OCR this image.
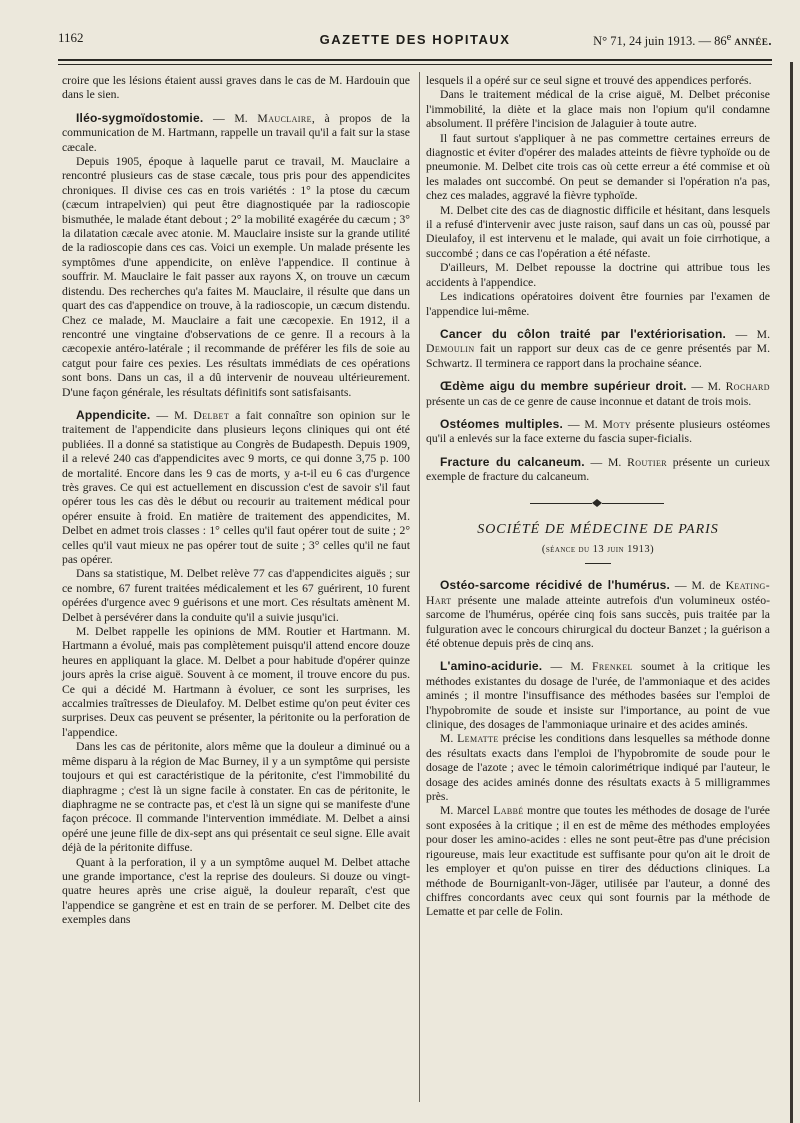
1162	GAZETTE DES HOPITAUX	N° 71, 24 juin 1913. — 86e année.

croire que les lésions étaient aussi graves dans le cas de M. Hardouin que dans le sien.

Iléo-sygmoïdostomie. — M. Mauclaire, à propos de la communication de M. Hartmann, rappelle un travail qu'il a fait sur la stase cæcale.

Depuis 1905, époque à laquelle parut ce travail, M. Mauclaire a rencontré plusieurs cas de stase cæcale, tous pris pour des appendicites chroniques. Il divise ces cas en trois variétés : 1° la ptose du cæcum (cæcum intrapelvien) qui peut être diagnostiquée par la radioscopie bismuthée, le malade étant debout ; 2° la mobilité exagérée du cæcum ; 3° la dilatation cæcale avec atonie. M. Mauclaire insiste sur la grande utilité de la radioscopie dans ces cas. Voici un exemple. Un malade présente les symptômes d'une appendicite, on enlève l'appendice. Il continue à souffrir. M. Mauclaire le fait passer aux rayons X, on trouve un cæcum distendu. Des recherches qu'a faites M. Mauclaire, il résulte que dans un quart des cas d'appendice on trouve, à la radioscopie, un cæcum distendu. Chez ce malade, M. Mauclaire a fait une cæcopexie. En 1912, il a rencontré une vingtaine d'observations de ce genre. Il a recours à la cæcopexie antéro-latérale ; il recommande de préférer les fils de soie au catgut pour faire ces pexies. Les résultats immédiats de ces opérations sont bons. Dans un cas, il a dû intervenir de nouveau ultérieurement. D'une façon générale, les résultats définitifs sont satisfaisants.

Appendicite. — M. Delbet a fait connaître son opinion sur le traitement de l'appendicite dans plusieurs leçons cliniques qui ont été publiées. Il a donné sa statistique au Congrès de Budapesth. Depuis 1909, il a relevé 240 cas d'appendicites avec 9 morts, ce qui donne 3,75 p. 100 de mortalité. Encore dans les 9 cas de morts, y a-t-il eu 6 cas d'urgence très graves. Ce qui est actuellement en discussion c'est de savoir s'il faut opérer tous les cas dès le début ou recourir au traitement médical pour opérer ensuite à froid. En matière de traitement des appendicites, M. Delbet en admet trois classes : 1° celles qu'il faut opérer tout de suite ; 2° celles qu'il vaut mieux ne pas opérer tout de suite ; 3° celles qu'il ne faut pas opérer.

Dans sa statistique, M. Delbet relève 77 cas d'appendicites aiguës ; sur ce nombre, 67 furent traitées médicalement et les 67 guérirent, 10 furent opérées d'urgence avec 9 guérisons et une mort. Ces résultats amènent M. Delbet à persévérer dans la conduite qu'il a suivie jusqu'ici.

M. Delbet rappelle les opinions de MM. Routier et Hartmann. M. Hartmann a évolué, mais pas complètement puisqu'il attend encore douze heures en appliquant la glace. M. Delbet a pour habitude d'opérer quinze jours après la crise aiguë. Souvent à ce moment, il trouve encore du pus. Ce qui a décidé M. Hartmann à évoluer, ce sont les surprises, les accalmies traîtresses de Dieulafoy. M. Delbet estime qu'on peut éviter ces surprises. Deux cas peuvent se présenter, la péritonite ou la perforation de l'appendice.

Dans les cas de péritonite, alors même que la douleur a diminué ou a même disparu à la région de Mac Burney, il y a un symptôme qui persiste toujours et qui est caractéristique de la péritonite, c'est l'immobilité du diaphragme ; c'est là un signe facile à constater. En cas de péritonite, le diaphragme ne se contracte pas, et c'est là un signe qui se manifeste d'une façon précoce. Il commande l'intervention immédiate. M. Delbet a ainsi opéré une jeune fille de dix-sept ans qui présentait ce seul signe. Elle avait déjà de la péritonite diffuse.

Quant à la perforation, il y a un symptôme auquel M. Delbet attache une grande importance, c'est la reprise des douleurs. Si douze ou vingt-quatre heures après une crise aiguë, la douleur reparaît, c'est que l'appendice se gangrène et est en train de se perforer. M. Delbet cite des exemples dans

lesquels il a opéré sur ce seul signe et trouvé des appendices perforés.

Dans le traitement médical de la crise aiguë, M. Delbet préconise l'immobilité, la diète et la glace mais non l'opium qu'il condamne absolument. Il préfère l'incision de Jalaguier à toute autre.

Il faut surtout s'appliquer à ne pas commettre certaines erreurs de diagnostic et éviter d'opérer des malades atteints de fièvre typhoïde ou de pneumonie. M. Delbet cite trois cas où cette erreur a été commise et où les malades ont succombé. On peut se demander si l'opération n'a pas, chez ces malades, aggravé la fièvre typhoïde.

M. Delbet cite des cas de diagnostic difficile et hésitant, dans lesquels il a refusé d'intervenir avec juste raison, sauf dans un cas où, poussé par Dieulafoy, il est intervenu et le malade, qui avait un foie cirrhotique, a succombé ; dans ce cas l'opération a été néfaste.

D'ailleurs, M. Delbet repousse la doctrine qui attribue tous les accidents à l'appendice.

Les indications opératoires doivent être fournies par l'examen de l'appendice lui-même.

Cancer du côlon traité par l'extériorisation. — M. Demoulin fait un rapport sur deux cas de ce genre présentés par M. Schwartz. Il terminera ce rapport dans la prochaine séance.

Œdème aigu du membre supérieur droit. — M. Rochard présente un cas de ce genre de cause inconnue et datant de trois mois.

Ostéomes multiples. — M. Moty présente plusieurs ostéomes qu'il a enlevés sur la face externe du fascia super-ficialis.

Fracture du calcaneum. — M. Routier présente un curieux exemple de fracture du calcaneum.

SOCIÉTÉ DE MÉDECINE DE PARIS
(séance du 13 juin 1913)

Ostéo-sarcome récidivé de l'humérus. — M. de Keating-Hart présente une malade atteinte autrefois d'un volumineux ostéo-sarcome de l'humérus, opérée cinq fois sans succès, puis traitée par la fulguration avec le concours chirurgical du docteur Banzet ; la guérison a été obtenue depuis près de cinq ans.

L'amino-acidurie. — M. Frenkel soumet à la critique les méthodes existantes du dosage de l'urée, de l'ammoniaque et des acides aminés ; il montre l'insuffisance des méthodes basées sur l'emploi de l'hypobromite de soude et insiste sur l'importance, au point de vue clinique, des dosages de l'ammoniaque urinaire et des acides aminés.

M. Lematte précise les conditions dans lesquelles sa méthode donne des résultats exacts dans l'emploi de l'hypobromite de soude pour le dosage de l'azote ; avec le témoin calorimétrique indiqué par l'auteur, le dosage des acides aminés donne des résultats exacts à 5 milligrammes près.

M. Marcel Labbé montre que toutes les méthodes de dosage de l'urée sont exposées à la critique ; il en est de même des méthodes employées pour doser les amino-acides : elles ne sont peut-être pas d'une précision rigoureuse, mais leur exactitude est suffisante pour qu'on ait le droit de les employer et qu'on puisse en tirer des déductions cliniques. La méthode de Bourniganlt-von-Jäger, utilisée par l'auteur, a donné des chiffres concordants avec ceux qui sont fournis par la méthode de Lematte et par celle de Folin.
